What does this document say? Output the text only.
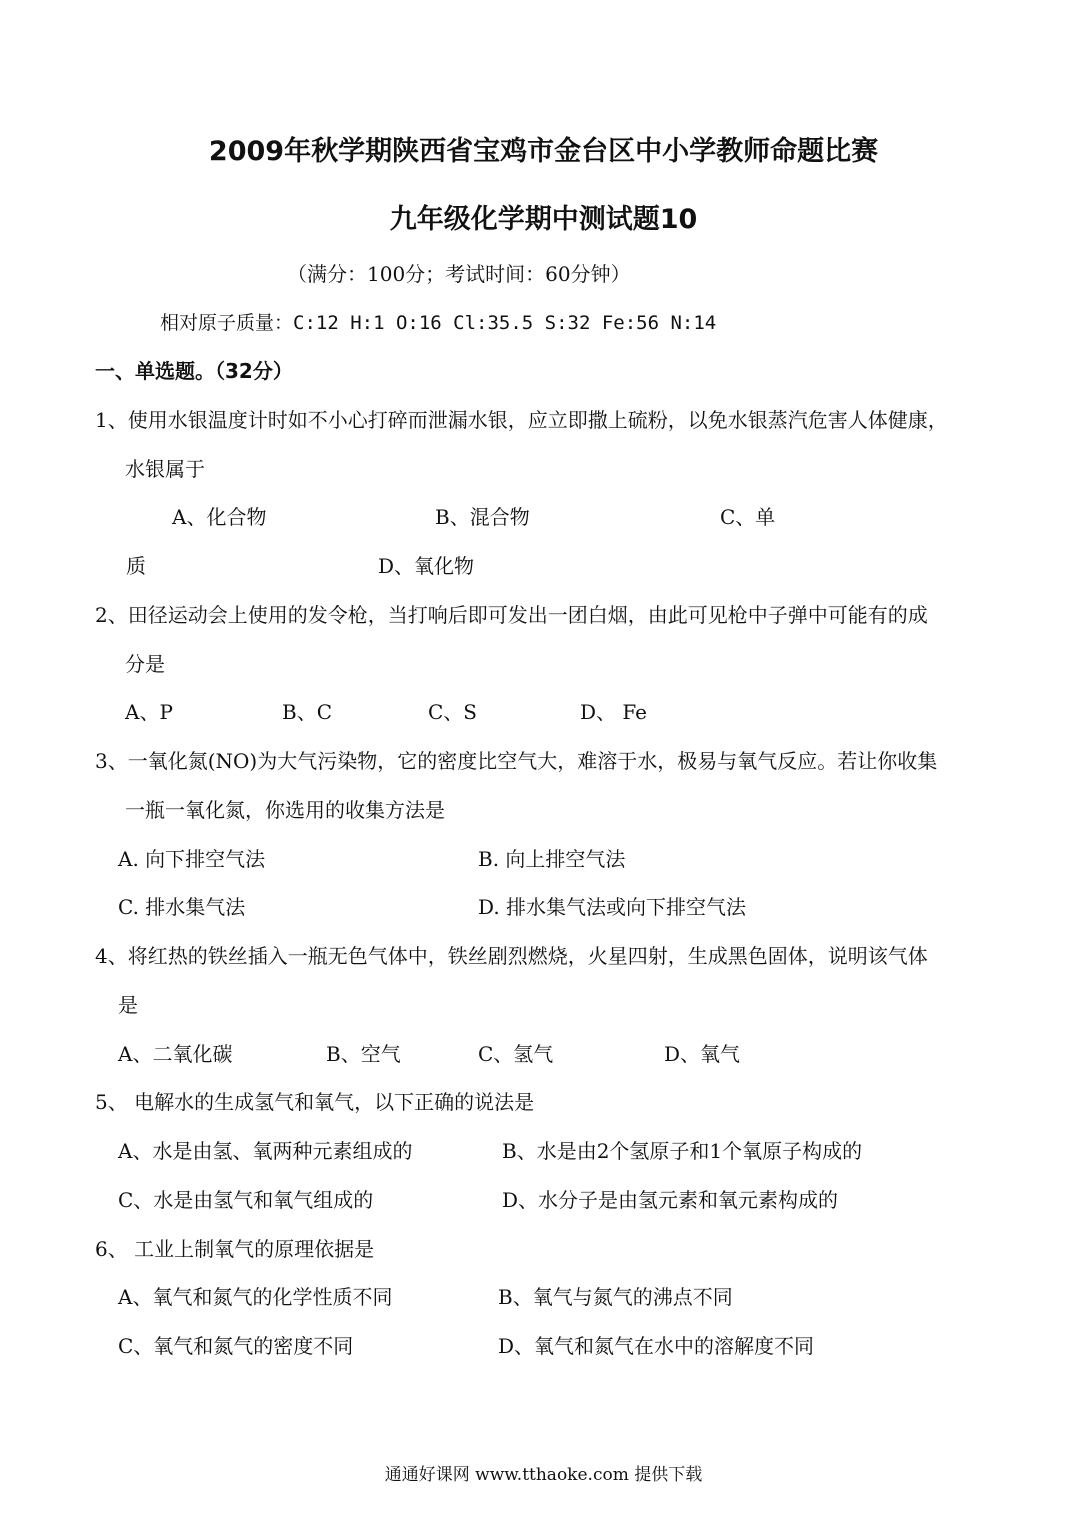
2009年秋学期陕西省宝鸡市金台区中小学教师命题比赛
九年级化学期中测试题10
（满分：100分；考试时间：60分钟）
相对原子质量：C:12 H:1 O:16 Cl:35.5 S:32 Fe:56 N:14
一、单选题。（32分）
1、使用水银温度计时如不小心打碎而泄漏水银，应立即撒上硫粉，以免水银蒸汽危害人体健康，
水银属于
A、化合物	B、混合物	C、单
质	D、氧化物
2、田径运动会上使用的发令枪，当打响后即可发出一团白烟，由此可见枪中子弹中可能有的成
分是
A、P	B、C	C、S	D、 Fe
3、一氧化氮(NO)为大气污染物，它的密度比空气大，难溶于水，极易与氧气反应。若让你收集
一瓶一氧化氮，你选用的收集方法是
A. 向下排空气法	B. 向上排空气法
C. 排水集气法	D. 排水集气法或向下排空气法
4、将红热的铁丝插入一瓶无色气体中，铁丝剧烈燃烧，火星四射，生成黑色固体，说明该气体
是
A、二氧化碳	B、空气	C、氢气	D、氧气
5、 电解水的生成氢气和氧气，以下正确的说法是
A、水是由氢、氧两种元素组成的	B、水是由2个氢原子和1个氧原子构成的
C、水是由氢气和氧气组成的	D、水分子是由氢元素和氧元素构成的
6、 工业上制氧气的原理依据是
A、氧气和氮气的化学性质不同	B、氧气与氮气的沸点不同
C、氧气和氮气的密度不同	D、氧气和氮气在水中的溶解度不同
通通好课网 www.tthaoke.com 提供下载
